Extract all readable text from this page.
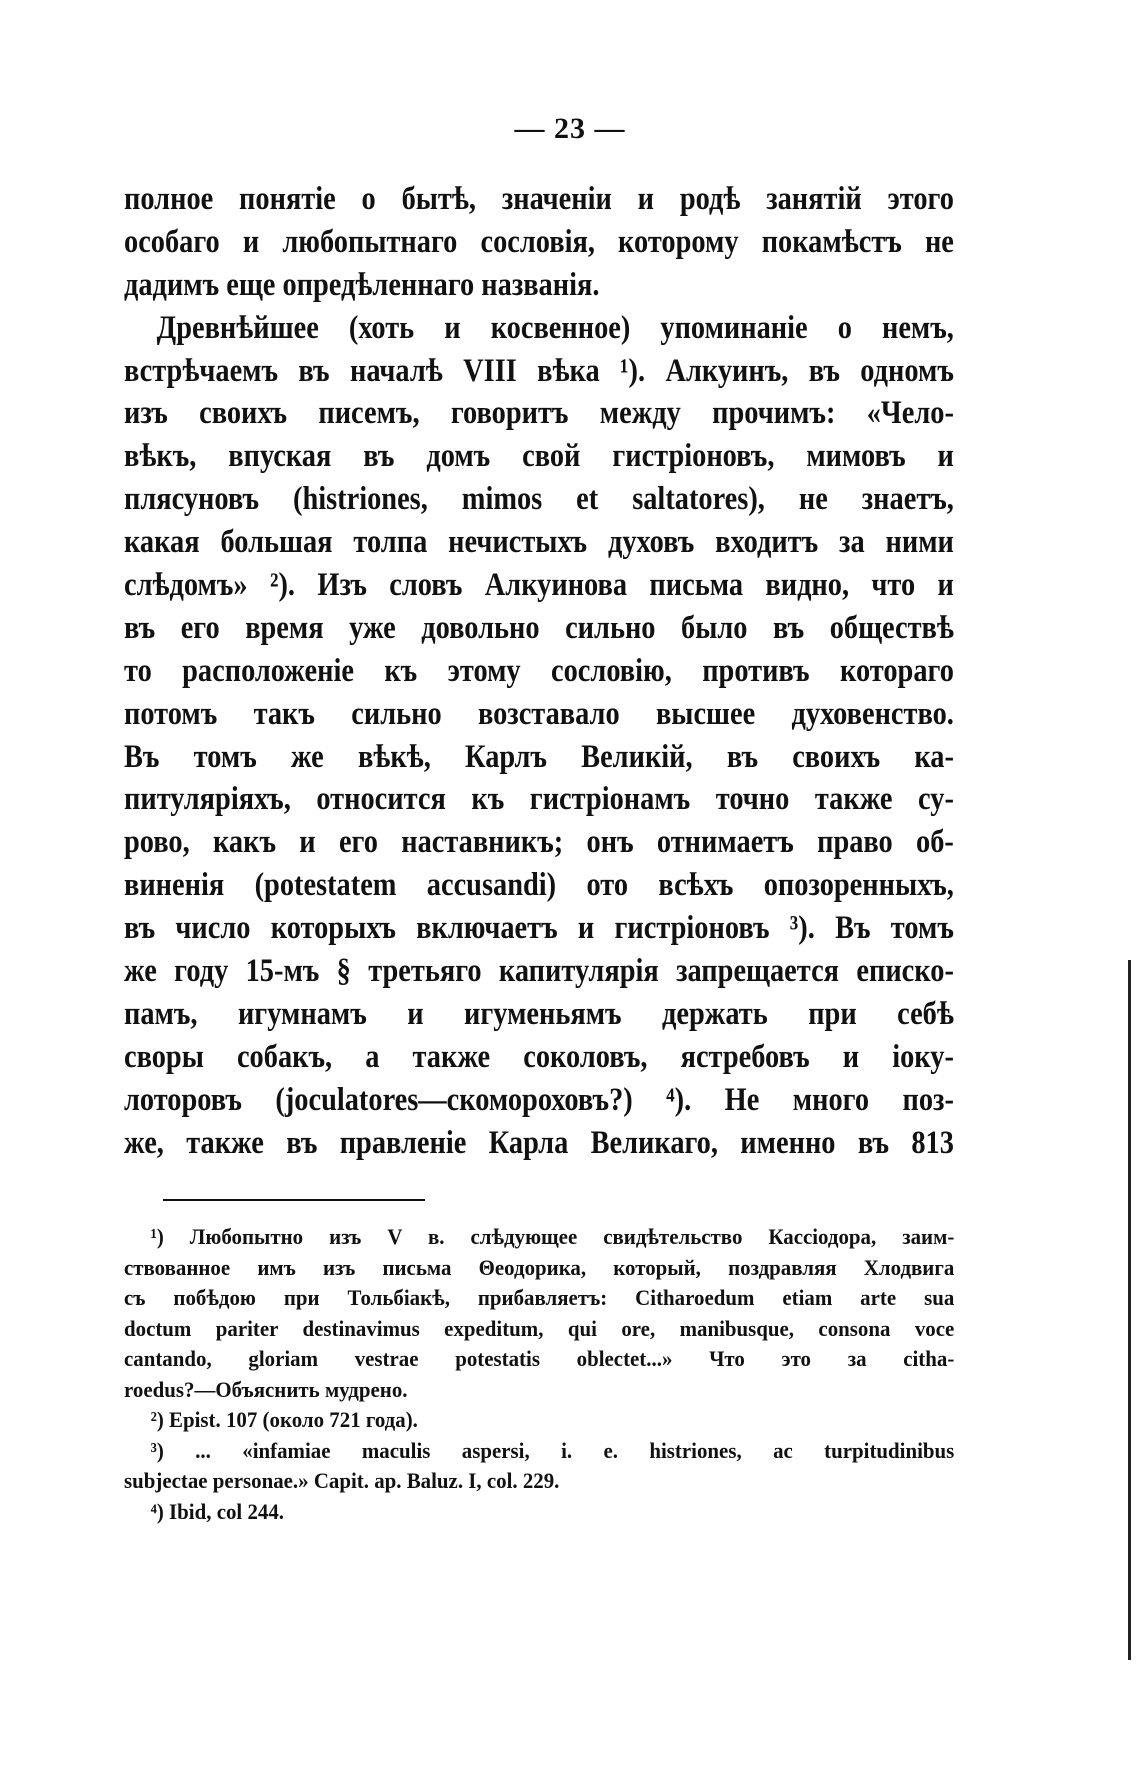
— 23 —
полное понятіе о бытѣ, значеніи и родѣ занятій этого
особаго и любопытнаго сословія, которому покамѣстъ не
дадимъ еще опредѣленнаго названія.
Древнѣйшее (хоть и косвенное) упоминаніе о немъ,
встрѣчаемъ въ началѣ VIII вѣка ¹). Алкуинъ, въ одномъ
изъ своихъ писемъ, говоритъ между прочимъ: «Чело-
вѣкъ, впуская въ домъ свой гистріоновъ, мимовъ и
плясуновъ (histriones, mimos et saltatores), не знаетъ,
какая большая толпа нечистыхъ духовъ входитъ за ними
слѣдомъ» ²). Изъ словъ Алкуинова письма видно, что и
въ его время уже довольно сильно было въ обществѣ
то расположеніе къ этому сословію, противъ котораго
потомъ такъ сильно возставало высшее духовенство.
Въ томъ же вѣкѣ, Карлъ Великій, въ своихъ ка-
питуляріяхъ, относится къ гистріонамъ точно также су-
рово, какъ и его наставникъ; онъ отнимаетъ право об-
виненія (potestatem accusandi) ото всѣхъ опозоренныхъ,
въ число которыхъ включаетъ и гистріоновъ ³). Въ томъ
же году 15-мъ § третьяго капитулярія запрещается еписко-
памъ, игумнамъ и игуменьямъ держать при себѣ
своры собакъ, а также соколовъ, ястребовъ и іоку-
лоторовъ (joculatores—скомороховъ?) ⁴). Не много поз-
же, также въ правленіе Карла Великаго, именно въ 813
¹) Любопытно изъ V в. слѣдующее свидѣтельство Кассіодора, заим-
ствованное имъ изъ письма Θеодорика, который, поздравляя Хлодвига
съ побѣдою при Тольбіакѣ, прибавляетъ: Citharoedum etiam arte sua
doctum pariter destinavimus expeditum, qui ore, manibusque, consona voce
cantando, gloriam vestrae potestatis oblectet...» Что это за citha-
roedus?—Объяснить мудрено.
²) Epist. 107 (около 721 года).
³) ... «infamiae maculis aspersi, i. e. histriones, ac turpitudinibus
subjectae personae.» Capit. ap. Baluz. I, col. 229.
⁴) Ibid, col 244.
